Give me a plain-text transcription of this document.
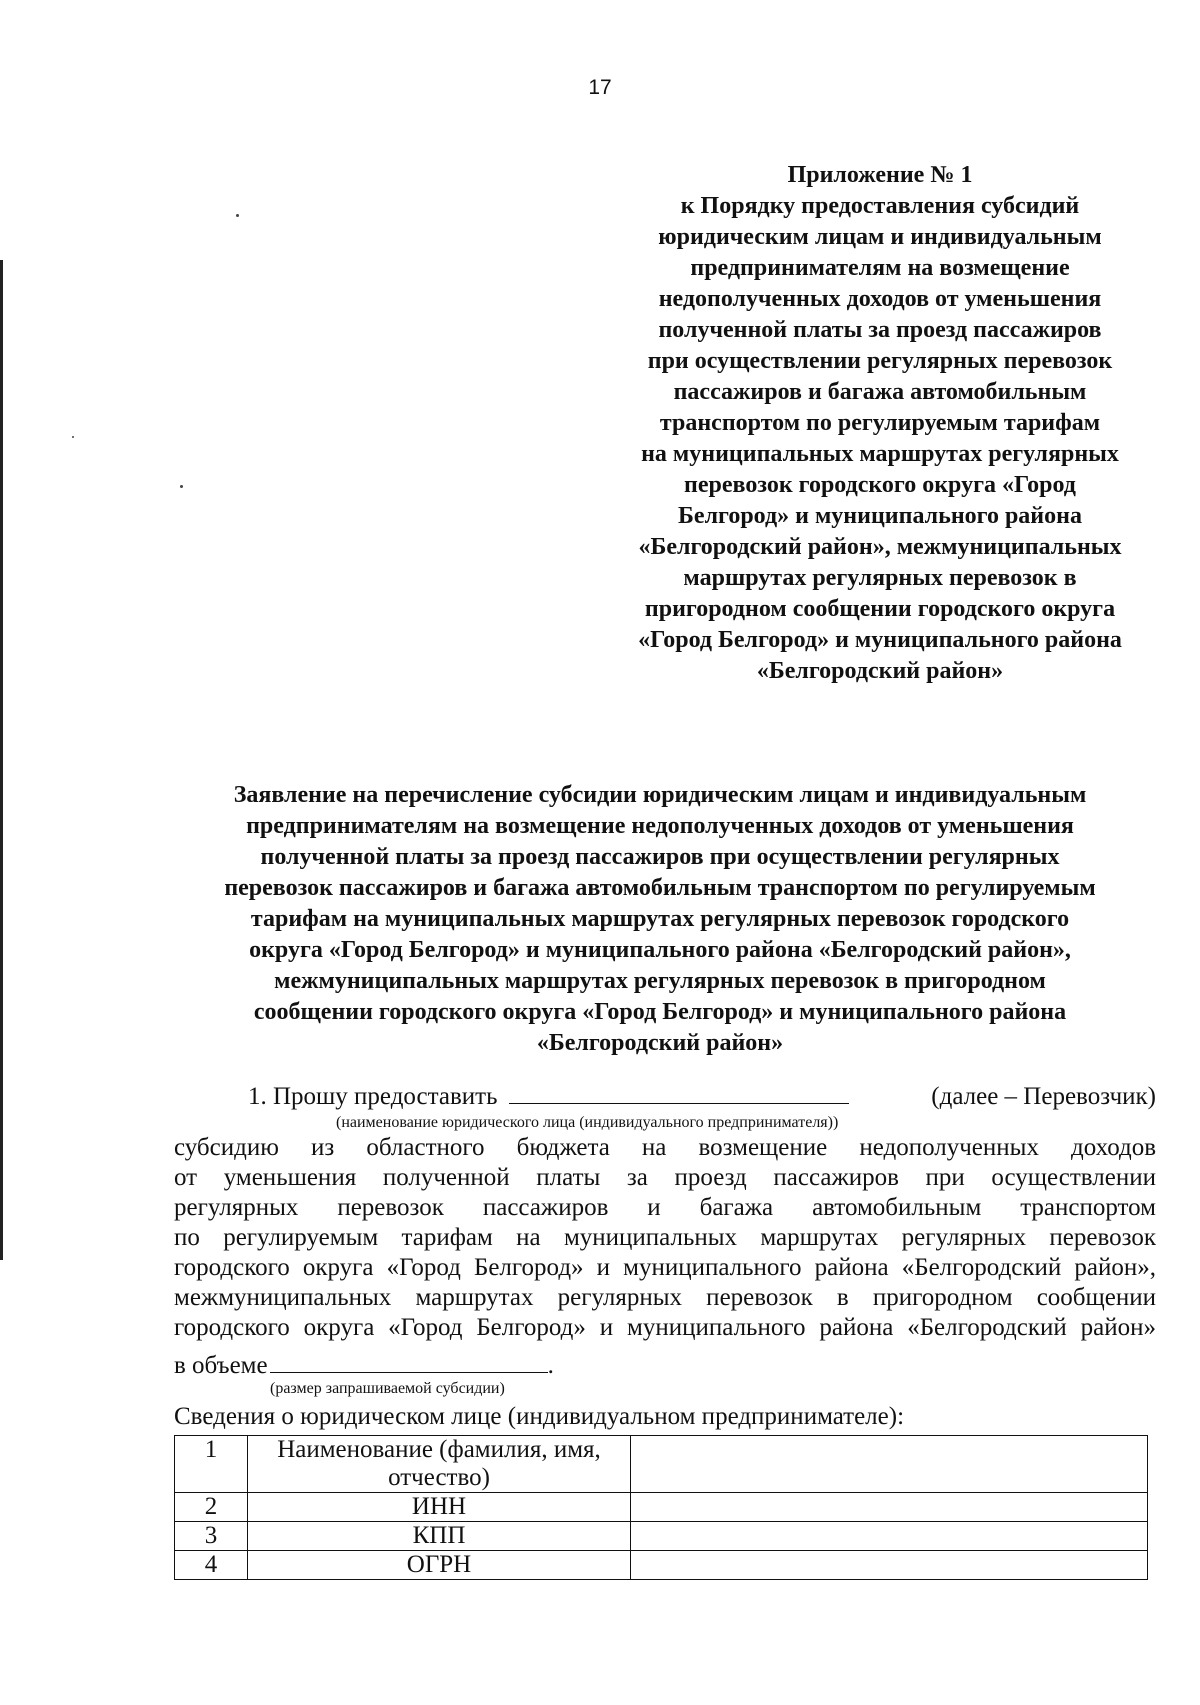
17
Приложение № 1
к Порядку предоставления субсидий
юридическим лицам и индивидуальным
предпринимателям на возмещение
недополученных доходов от уменьшения
полученной платы за проезд пассажиров
при осуществлении регулярных перевозок
пассажиров и багажа автомобильным
транспортом по регулируемым тарифам
на муниципальных маршрутах регулярных
перевозок городского округа «Город
Белгород» и муниципального района
«Белгородский район», межмуниципальных
маршрутах регулярных перевозок в
пригородном сообщении городского округа
«Город Белгород» и муниципального района
«Белгородский район»
Заявление на перечисление субсидии юридическим лицам и индивидуальным
предпринимателям на возмещение недополученных доходов от уменьшения
полученной платы за проезд пассажиров при осуществлении регулярных
перевозок пассажиров и багажа автомобильным транспортом по регулируемым
тарифам на муниципальных маршрутах регулярных перевозок городского
округа «Город Белгород» и муниципального района «Белгородский район»,
межмуниципальных маршрутах регулярных перевозок в пригородном
сообщении городского округа «Город Белгород» и муниципального района
«Белгородский район»
1. Прошу предоставить	(далее – Перевозчик)
(наименование юридического лица (индивидуального предпринимателя))
субсидию из областного бюджета на возмещение недополученных доходов
от уменьшения полученной платы за проезд пассажиров при осуществлении
регулярных перевозок пассажиров и багажа автомобильным транспортом
по регулируемым тарифам на муниципальных маршрутах регулярных перевозок
городского округа «Город Белгород» и муниципального района «Белгородский район»,
межмуниципальных маршрутах регулярных перевозок в пригородном сообщении
городского округа «Город Белгород» и муниципального района «Белгородский район»
в объеме	.
(размер запрашиваемой субсидии)
Сведения о юридическом лице (индивидуальном предпринимателе):
1	Наименование (фамилия, имя, отчество)	
2	ИНН	
3	КПП	
4	ОГРН	
